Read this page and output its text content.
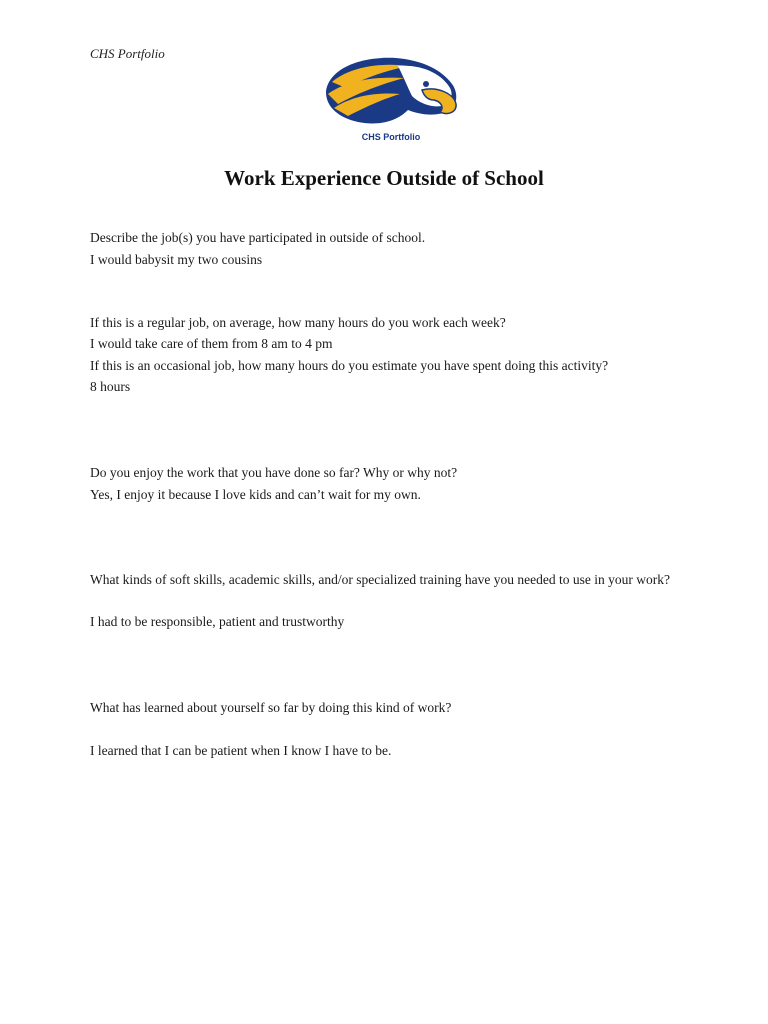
CHS Portfolio
CHS Portfolio
Work Experience Outside of School
Describe the job(s) you have participated in outside of school.
I would babysit my two cousins
If this is a regular job, on average, how many hours do you work each week?
I would take care of them from 8 am to 4 pm
If this is an occasional job, how many hours do you estimate you have spent doing this activity?
8 hours
Do you enjoy the work that you have done so far? Why or why not?
Yes, I enjoy it because I love kids and can’t wait for my own.
What kinds of soft skills, academic skills, and/or specialized training have you needed to use in your work?
I had to be responsible, patient and trustworthy
What has learned about yourself so far by doing this kind of work?
I learned that I can be patient when I know I have to be.
